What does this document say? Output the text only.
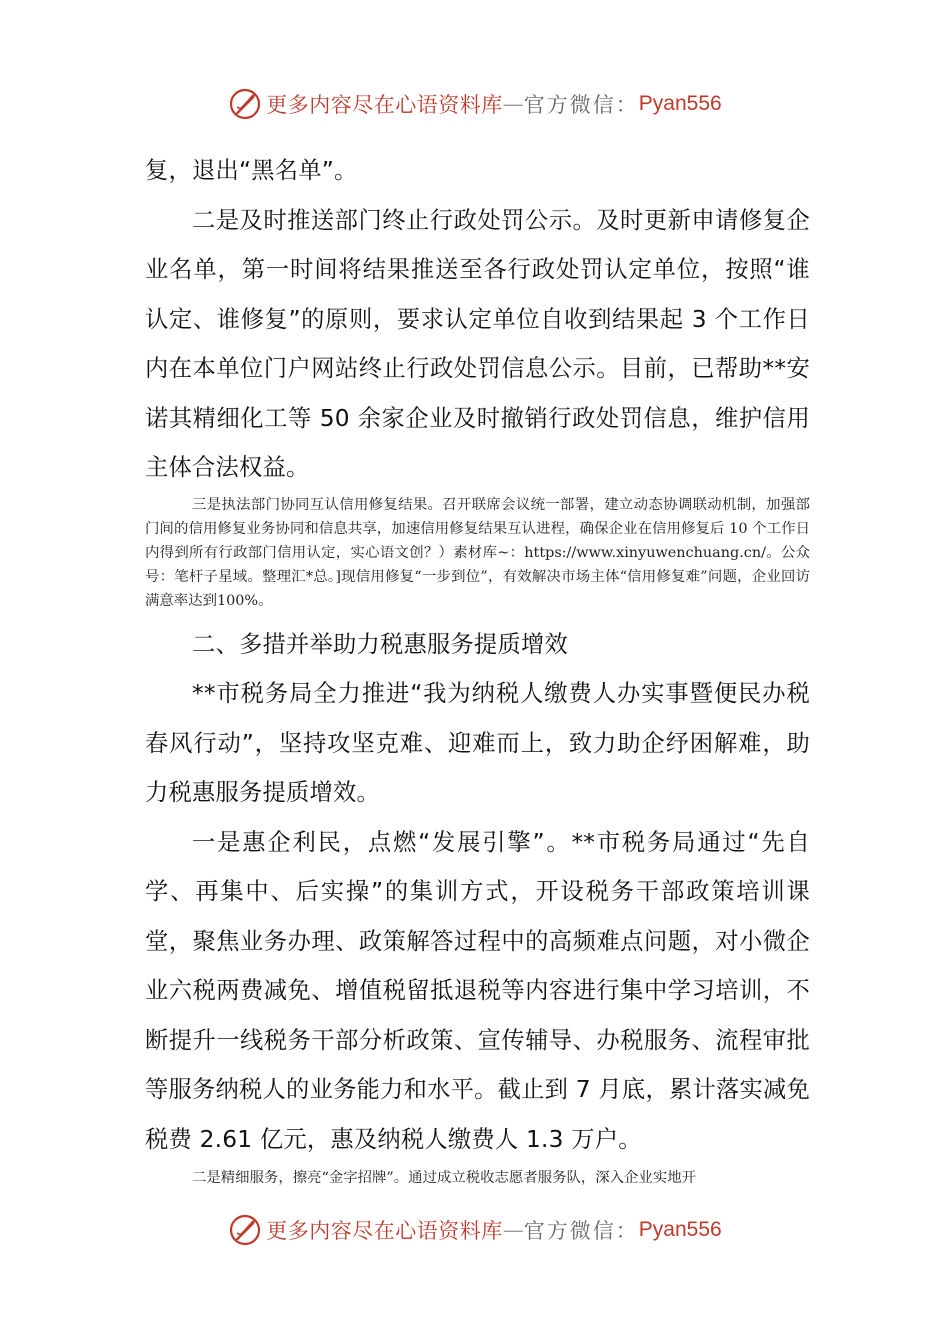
更多内容尽在心语资料库 — 官方微信： Pyan556

复，退出“黑名单”。

二是及时推送部门终止行政处罚公示。及时更新申请修复企业名单，第一时间将结果推送至各行政处罚认定单位，按照“谁认定、谁修复”的原则，要求认定单位自收到结果起 3 个工作日内在本单位门户网站终止行政处罚信息公示。目前，已帮助**安诺其精细化工等 50 余家企业及时撤销行政处罚信息，维护信用主体合法权益。

三是执法部门协同互认信用修复结果。召开联席会议统一部署，建立动态协调联动机制，加强部门间的信用修复业务协同和信息共享，加速信用修复结果互认进程，确保企业在信用修复后 10 个工作日内得到所有行政部门信用认定，实心语文创？）素材库~：https://www.xinyuwenchuang.cn/。公众号：笔杆子星域。整理汇*总。]现信用修复“一步到位”，有效解决市场主体“信用修复难”问题，企业回访满意率达到100%。

二、多措并举助力税惠服务提质增效

**市税务局全力推进“我为纳税人缴费人办实事暨便民办税春风行动”，坚持攻坚克难、迎难而上，致力助企纾困解难，助力税惠服务提质增效。

一是惠企利民，点燃“发展引擎”。**市税务局通过“先自学、再集中、后实操”的集训方式，开设税务干部政策培训课堂，聚焦业务办理、政策解答过程中的高频难点问题，对小微企业六税两费减免、增值税留抵退税等内容进行集中学习培训，不断提升一线税务干部分析政策、宣传辅导、办税服务、流程审批等服务纳税人的业务能力和水平。截止到 7 月底，累计落实减免税费 2.61 亿元，惠及纳税人缴费人 1.3 万户。

二是精细服务，擦亮“金字招牌”。通过成立税收志愿者服务队，深入企业实地开

更多内容尽在心语资料库 — 官方微信： Pyan556
